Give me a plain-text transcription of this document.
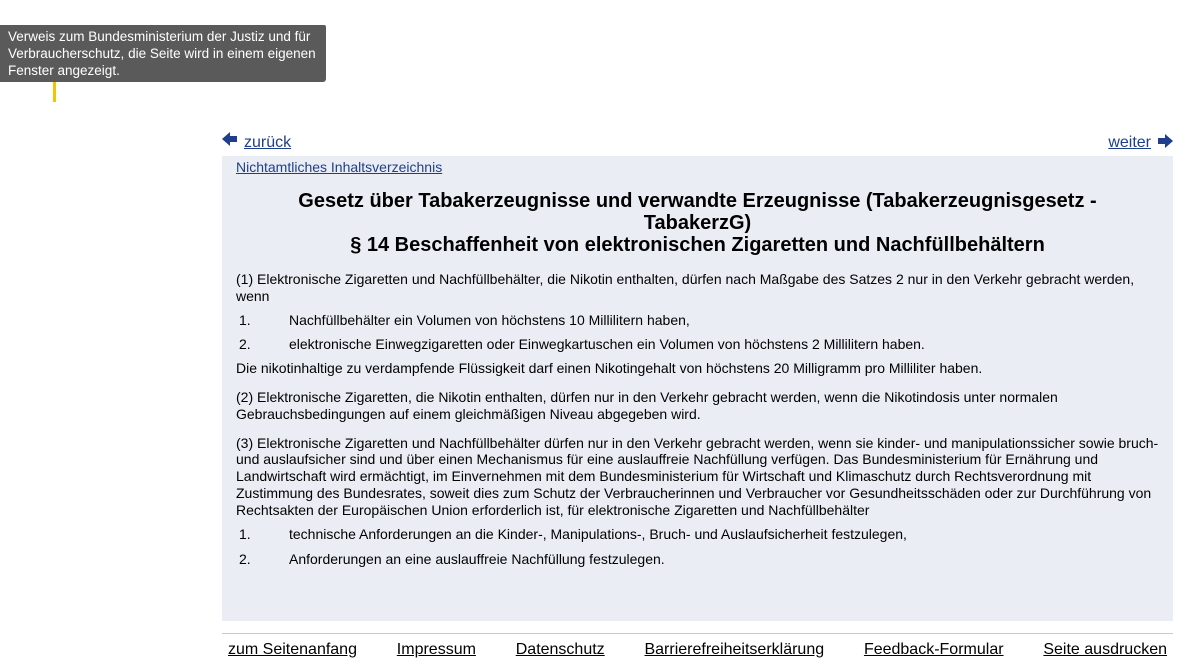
Verweis zum Bundesministerium der Justiz und für Verbraucherschutz, die Seite wird in einem eigenen Fenster angezeigt.
zurück	weiter
Nichtamtliches Inhaltsverzeichnis
Gesetz über Tabakerzeugnisse und verwandte Erzeugnisse (Tabakerzeugnisgesetz - TabakerzG)
§ 14 Beschaffenheit von elektronischen Zigaretten und Nachfüllbehältern
(1) Elektronische Zigaretten und Nachfüllbehälter, die Nikotin enthalten, dürfen nach Maßgabe des Satzes 2 nur in den Verkehr gebracht werden, wenn
1.	Nachfüllbehälter ein Volumen von höchstens 10 Millilitern haben,
2.	elektronische Einwegzigaretten oder Einwegkartuschen ein Volumen von höchstens 2 Millilitern haben.
Die nikotinhaltige zu verdampfende Flüssigkeit darf einen Nikotingehalt von höchstens 20 Milligramm pro Milliliter haben.
(2) Elektronische Zigaretten, die Nikotin enthalten, dürfen nur in den Verkehr gebracht werden, wenn die Nikotindosis unter normalen Gebrauchsbedingungen auf einem gleichmäßigen Niveau abgegeben wird.
(3) Elektronische Zigaretten und Nachfüllbehälter dürfen nur in den Verkehr gebracht werden, wenn sie kinder- und manipulationssicher sowie bruch- und auslaufsicher sind und über einen Mechanismus für eine auslauffreie Nachfüllung verfügen. Das Bundesministerium für Ernährung und Landwirtschaft wird ermächtigt, im Einvernehmen mit dem Bundesministerium für Wirtschaft und Klimaschutz durch Rechtsverordnung mit Zustimmung des Bundesrates, soweit dies zum Schutz der Verbraucherinnen und Verbraucher vor Gesundheitsschäden oder zur Durchführung von Rechtsakten der Europäischen Union erforderlich ist, für elektronische Zigaretten und Nachfüllbehälter
1.	technische Anforderungen an die Kinder-, Manipulations-, Bruch- und Auslaufsicherheit festzulegen,
2.	Anforderungen an eine auslauffreie Nachfüllung festzulegen.
zum Seitenanfang Impressum Datenschutz Barrierefreiheitserklärung Feedback-Formular Seite ausdrucken
